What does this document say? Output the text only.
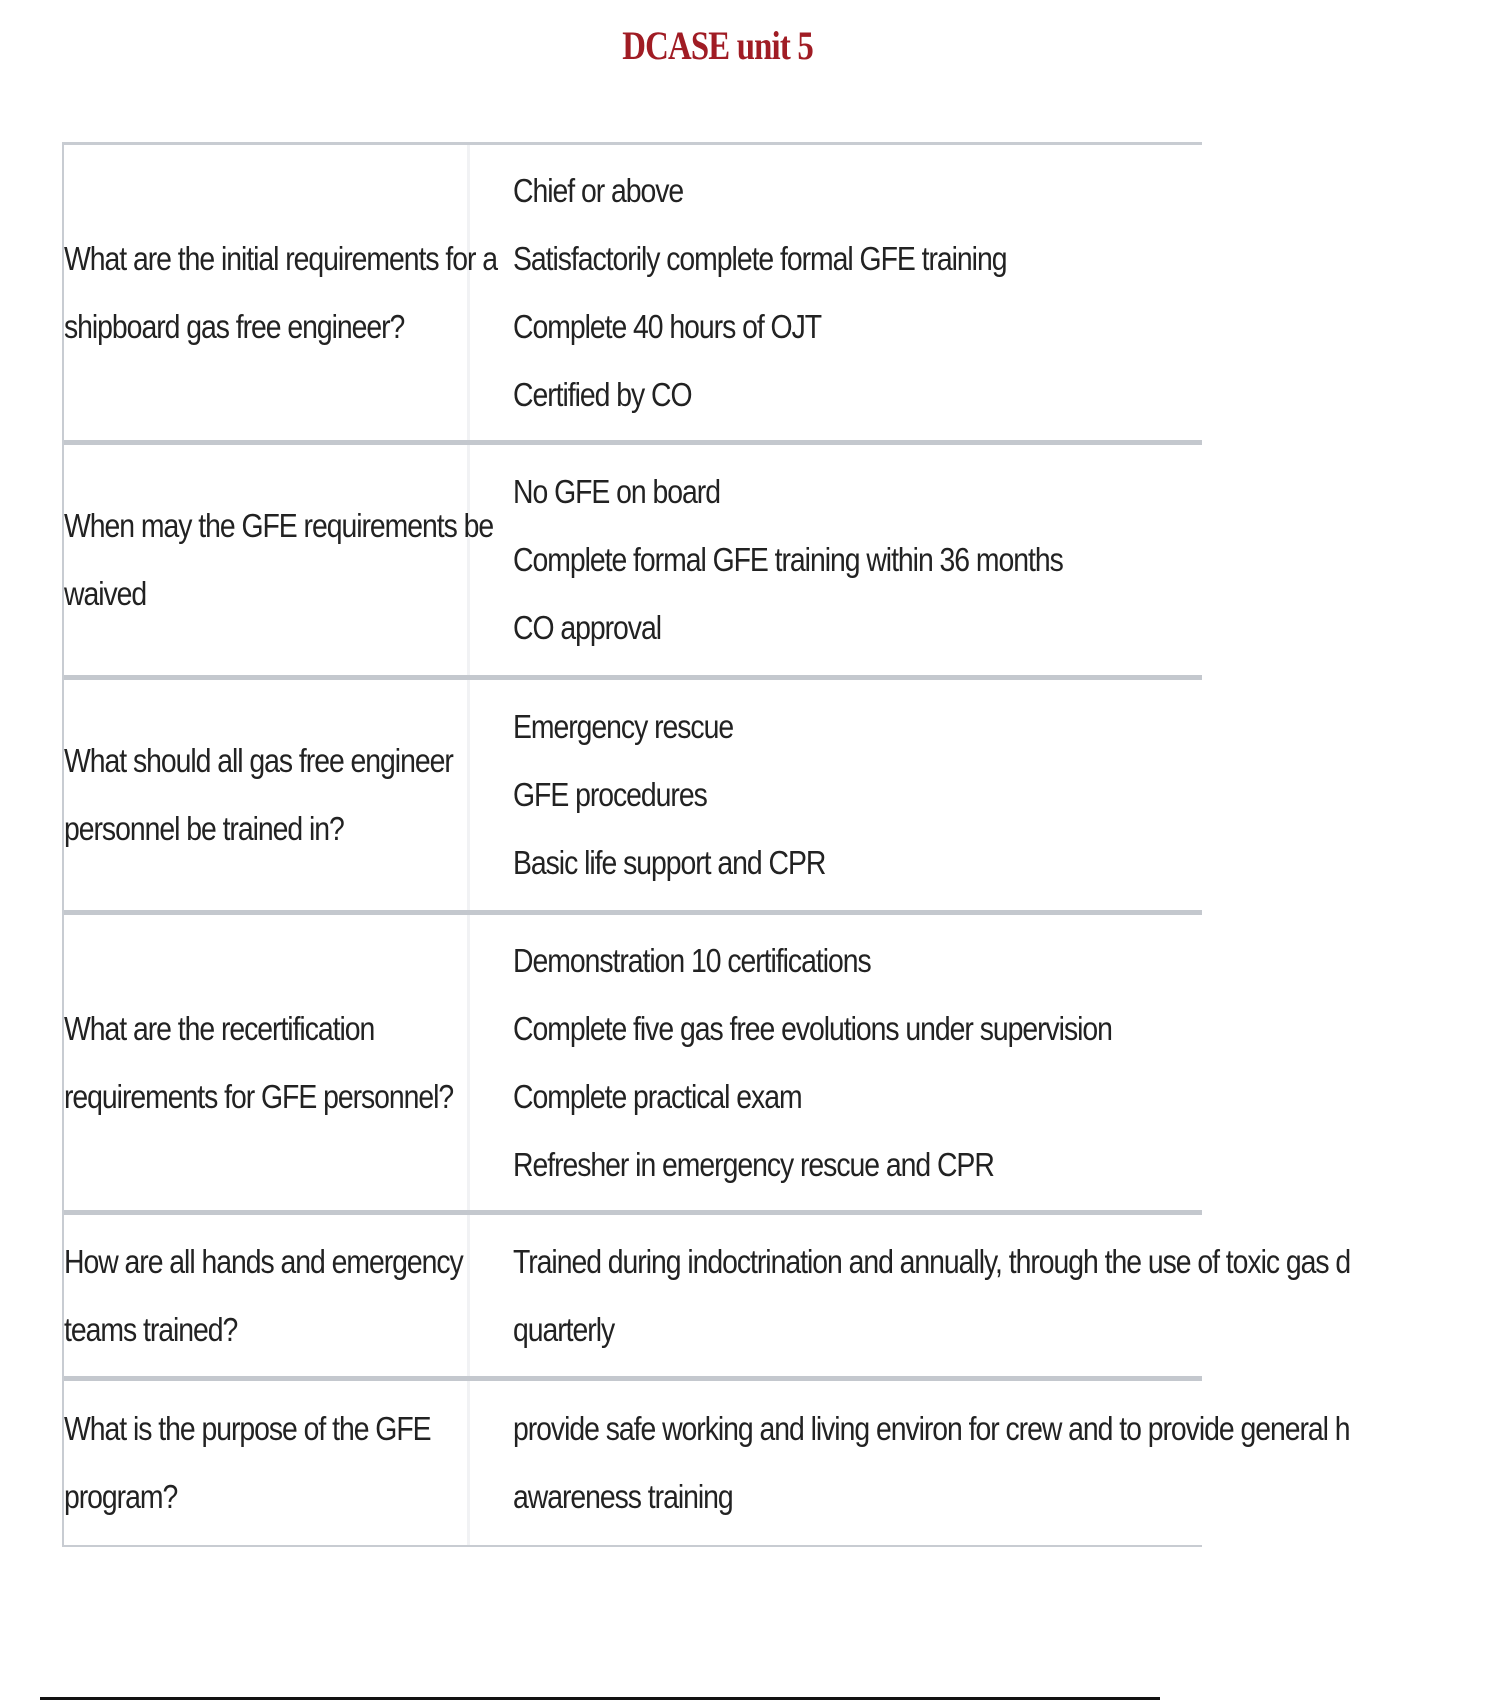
DCASE unit 5
What are the initial requirements for a
shipboard gas free engineer?
Chief or above
Satisfactorily complete formal GFE training
Complete 40 hours of OJT
Certified by CO
When may the GFE requirements be
waived
No GFE on board
Complete formal GFE training within 36 months
CO approval
What should all gas free engineer
personnel be trained in?
Emergency rescue
GFE procedures
Basic life support and CPR
What are the recertification
requirements for GFE personnel?
Demonstration 10 certifications
Complete five gas free evolutions under supervision
Complete practical exam
Refresher in emergency rescue and CPR
How are all hands and emergency
teams trained?
Trained during indoctrination and annually, through the use of toxic gas d
quarterly
What is the purpose of the GFE
program?
provide safe working and living environ for crew and to provide general h
awareness training
